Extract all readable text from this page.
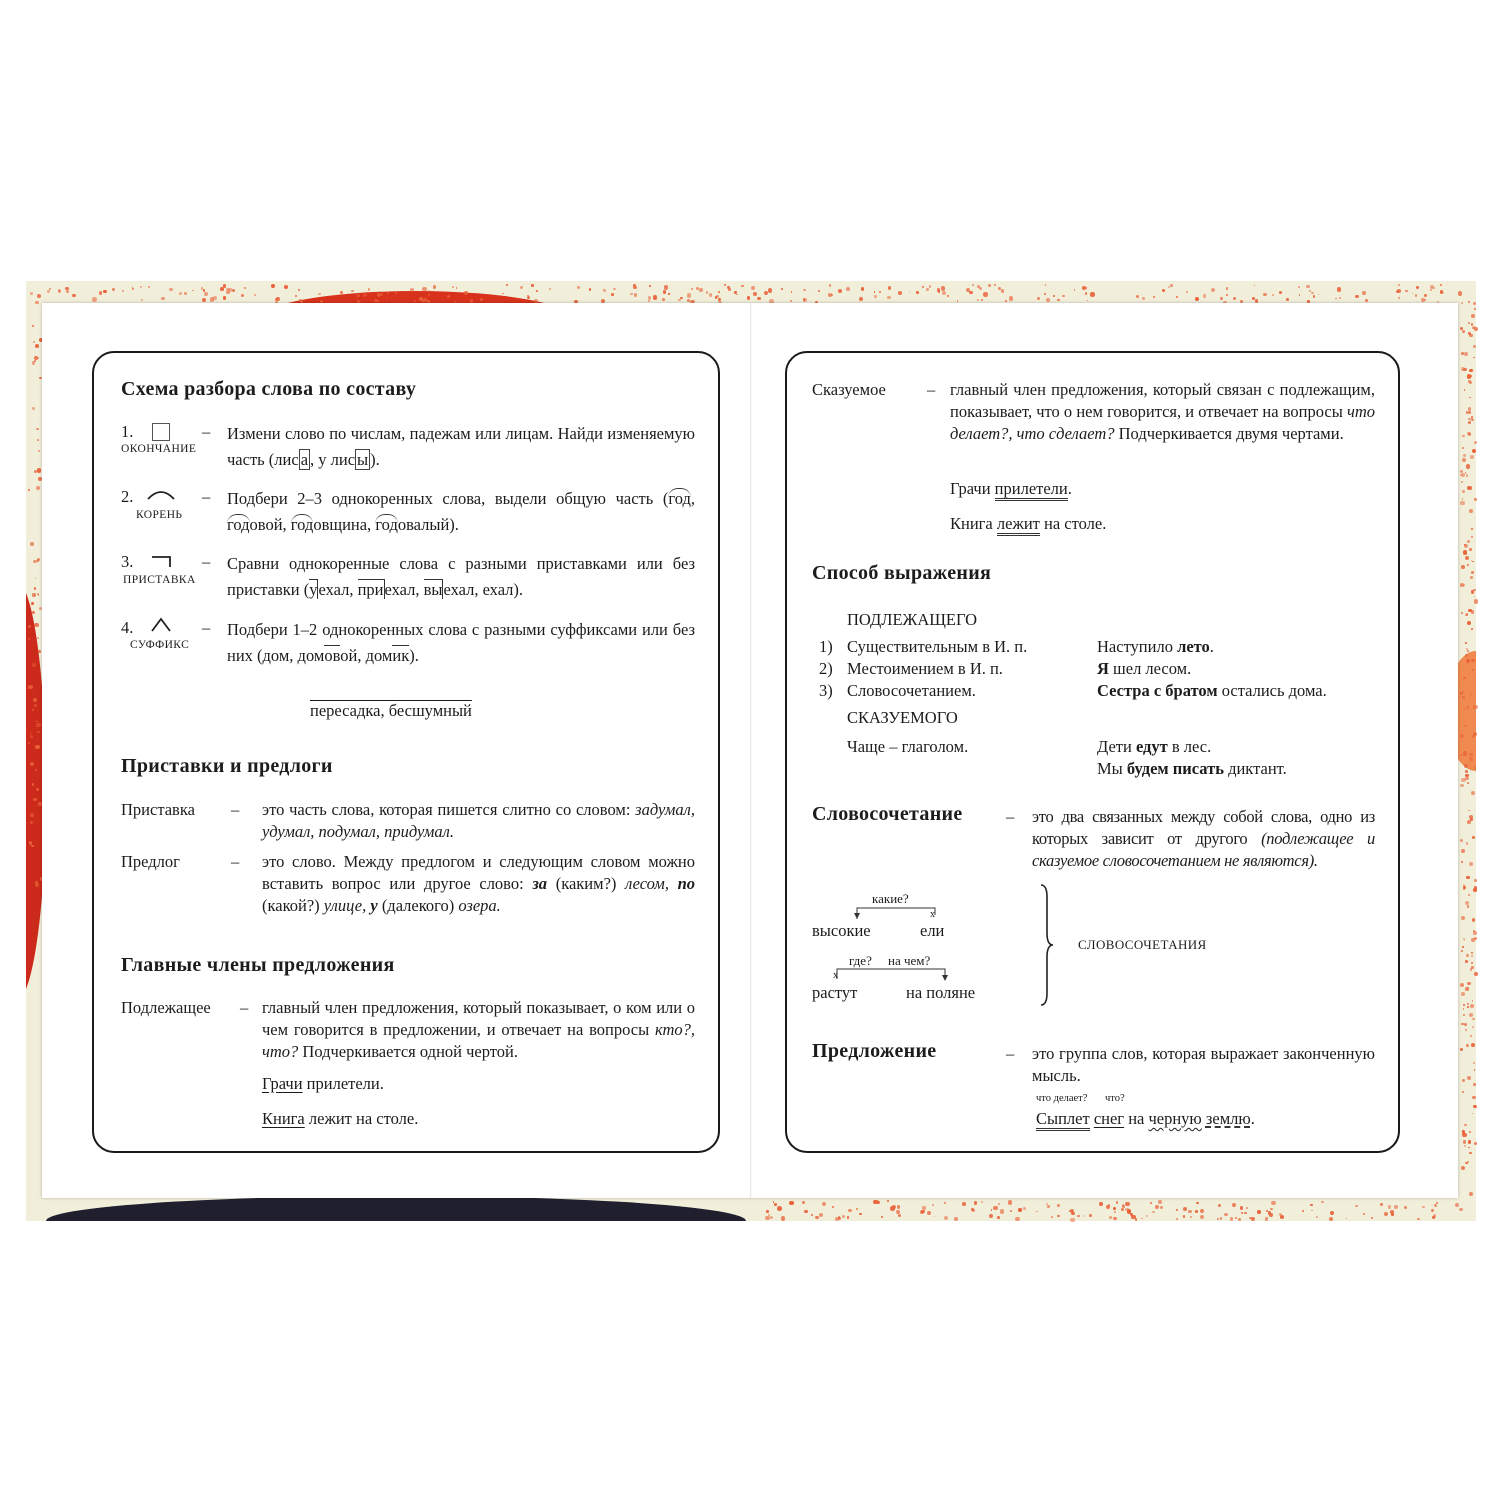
Схема разбора слова по составу
1.
ОКОНЧАНИЕ
– Измени слово по числам, падежам или лицам. Найди изменяемую часть (лис а , у лис ы ).
2.
КОРЕНЬ
– Подбери 2–3 однокоренных слова, выдели общую часть (год, годовой, годовщина, годовалый).
3.
ПРИСТАВКА
– Сравни однокоренные слова с разными приставками или без приставки (уехал, приехал, выехал, ехал).
4.
СУФФИКС
– Подбери 1–2 однокоренных слова с разными суффиксами или без них (дом, домовой, домик).
пересадка, бесшумный
Приставки и предлоги
Приставка – это часть слова, которая пишется слитно со словом: задумал, удумал, подумал, придумал.
Предлог	– это слово. Между предлогом и следующим словом можно вставить вопрос или другое слово: за (каким?) лесом, по (какой?) улице, у (далекого) озера.
Главные члены предложения
Подлежащее – главный член предложения, который показывает, о ком или о чем говорится в предложении, и отвечает на вопросы кто?, что? Подчеркивается одной чертой.
Грачи прилетели.
Книга лежит на столе.
Сказуемое – главный член предложения, который связан с подлежащим, показывает, что о нем говорится, и отвечает на вопросы что делает?, что сделает? Подчеркивается двумя чертами.
Грачи прилетели.
Книга лежит на столе.
Способ выражения
ПОДЛЕЖАЩЕГО
1) Существительным в И. п.	Наступило лето.
2) Местоимением в И. п.	Я шел лесом.
3) Словосочетанием.	Сестра с братом остались дома.
СКАЗУЕМОГО
Чаще – глаголом.	Дети едут в лес.
Мы будем писать диктант.
Словосочетание	– это два связанных между собой слова, одно из которых зависит от другого (подлежащее и сказуемое словосочетанием не являются).
какие?
x
высокие	ели
где? на чем?
x
растут	на поляне
СЛОВОСОЧЕТАНИЯ
Предложение	– это группа слов, которая выражает законченную мысль.
что делает? что?
Сыплет снег на черную землю.
